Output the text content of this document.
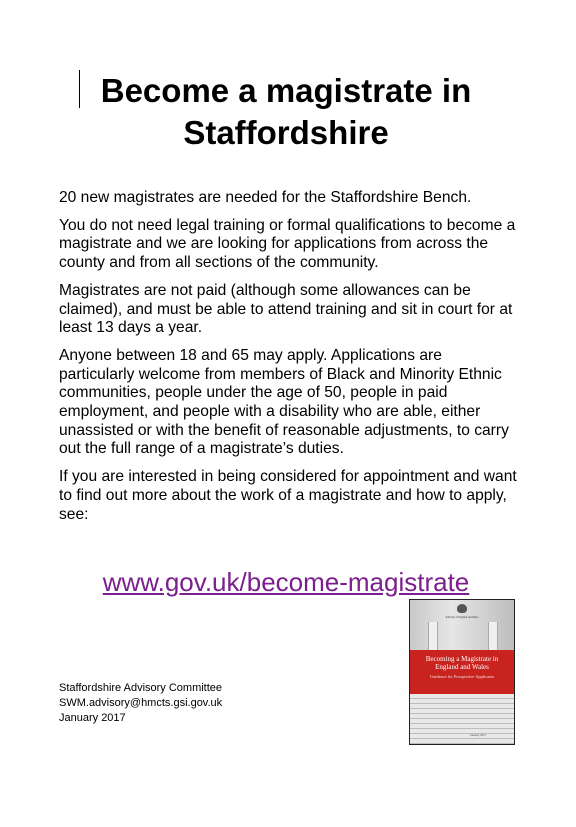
Become a magistrate in Staffordshire

20 new magistrates are needed for the Staffordshire Bench.

You do not need legal training or formal qualifications to become a magistrate and we are looking for applications from across the county and from all sections of the community.

Magistrates are not paid (although some allowances can be claimed), and must be able to attend training and sit in court for at least 13 days a year.

Anyone between 18 and 65 may apply. Applications are particularly welcome from members of Black and Minority Ethnic communities, people under the age of 50, people in paid employment, and people with a disability who are able, either unassisted or with the benefit of reasonable adjustments, to carry out the full range of a magistrate’s duties.

If you are interested in being considered for appointment and want to find out more about the work of a magistrate and how to apply, see:

www.gov.uk/become-magistrate
Staffordshire Advisory Committee
SWM.advisory@hmcts.gsi.gov.uk
January 2017
Judiciary of England and Wales
Becoming a Magistrate in England and Wales
Guidance for Prospective Applicants
January 2017
